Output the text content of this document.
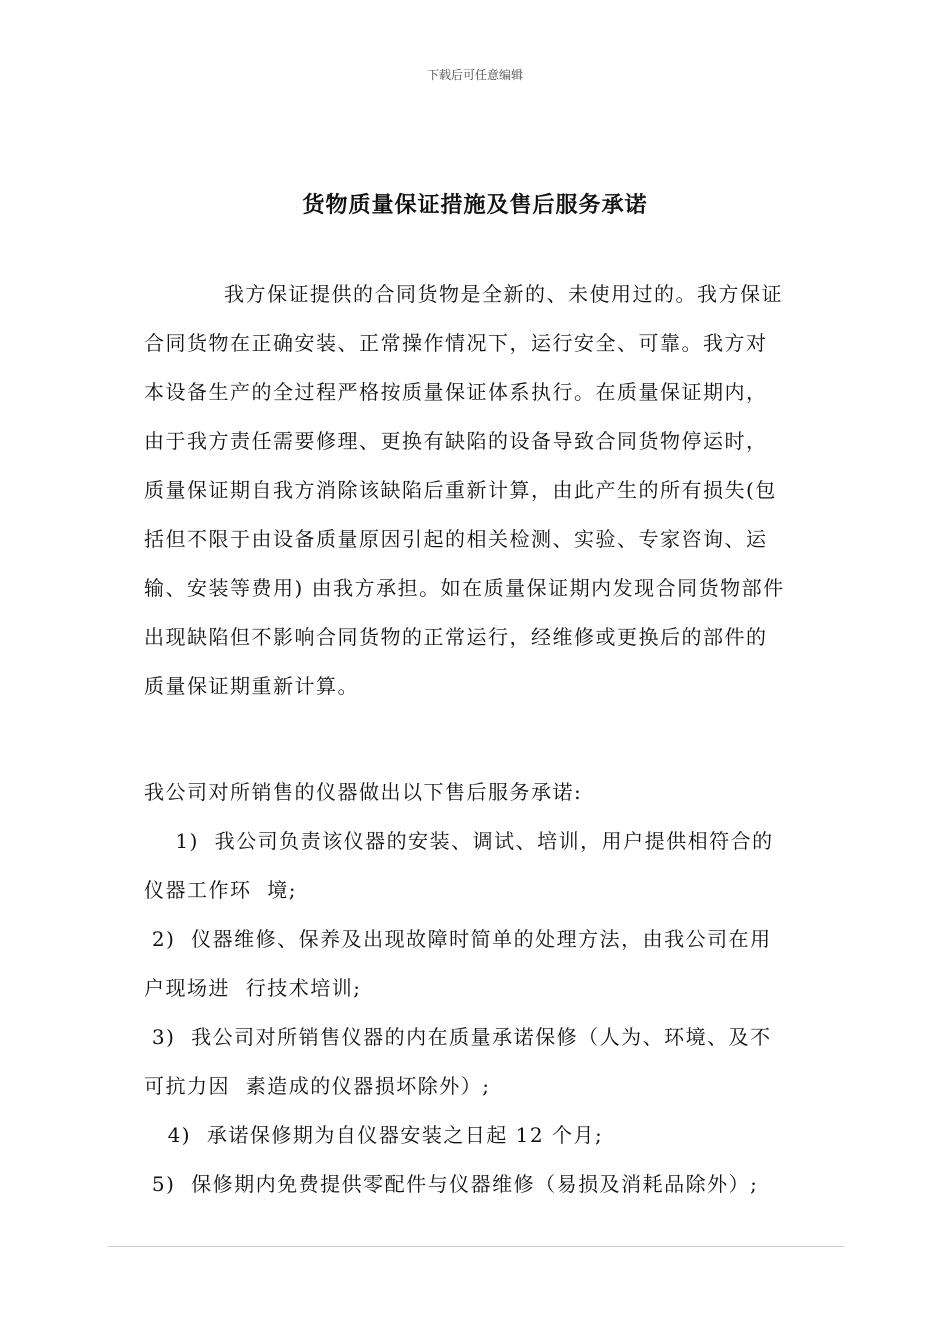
下载后可任意编辑
货物质量保证措施及售后服务承诺
我方保证提供的合同货物是全新的、未使用过的。我方保证
合同货物在正确安装、正常操作情况下，运行安全、可靠。我方对
本设备生产的全过程严格按质量保证体系执行。在质量保证期内，
由于我方责任需要修理、更换有缺陷的设备导致合同货物停运时，
质量保证期自我方消除该缺陷后重新计算，由此产生的所有损失(包
括但不限于由设备质量原因引起的相关检测、实验、专家咨询、运
输、安装等费用) 由我方承担。如在质量保证期内发现合同货物部件
出现缺陷但不影响合同货物的正常运行，经维修或更换后的部件的
质量保证期重新计算。
我公司对所销售的仪器做出以下售后服务承诺:
1)  我公司负责该仪器的安装、调试、培训，用户提供相符合的
仪器工作环  境;
2)  仪器维修、保养及出现故障时简单的处理方法，由我公司在用
户现场进  行技术培训;
3)  我公司对所销售仪器的内在质量承诺保修（人为、环境、及不
可抗力因  素造成的仪器损坏除外）;
4)  承诺保修期为自仪器安装之日起 12 个月;
5)  保修期内免费提供零配件与仪器维修（易损及消耗品除外）;
